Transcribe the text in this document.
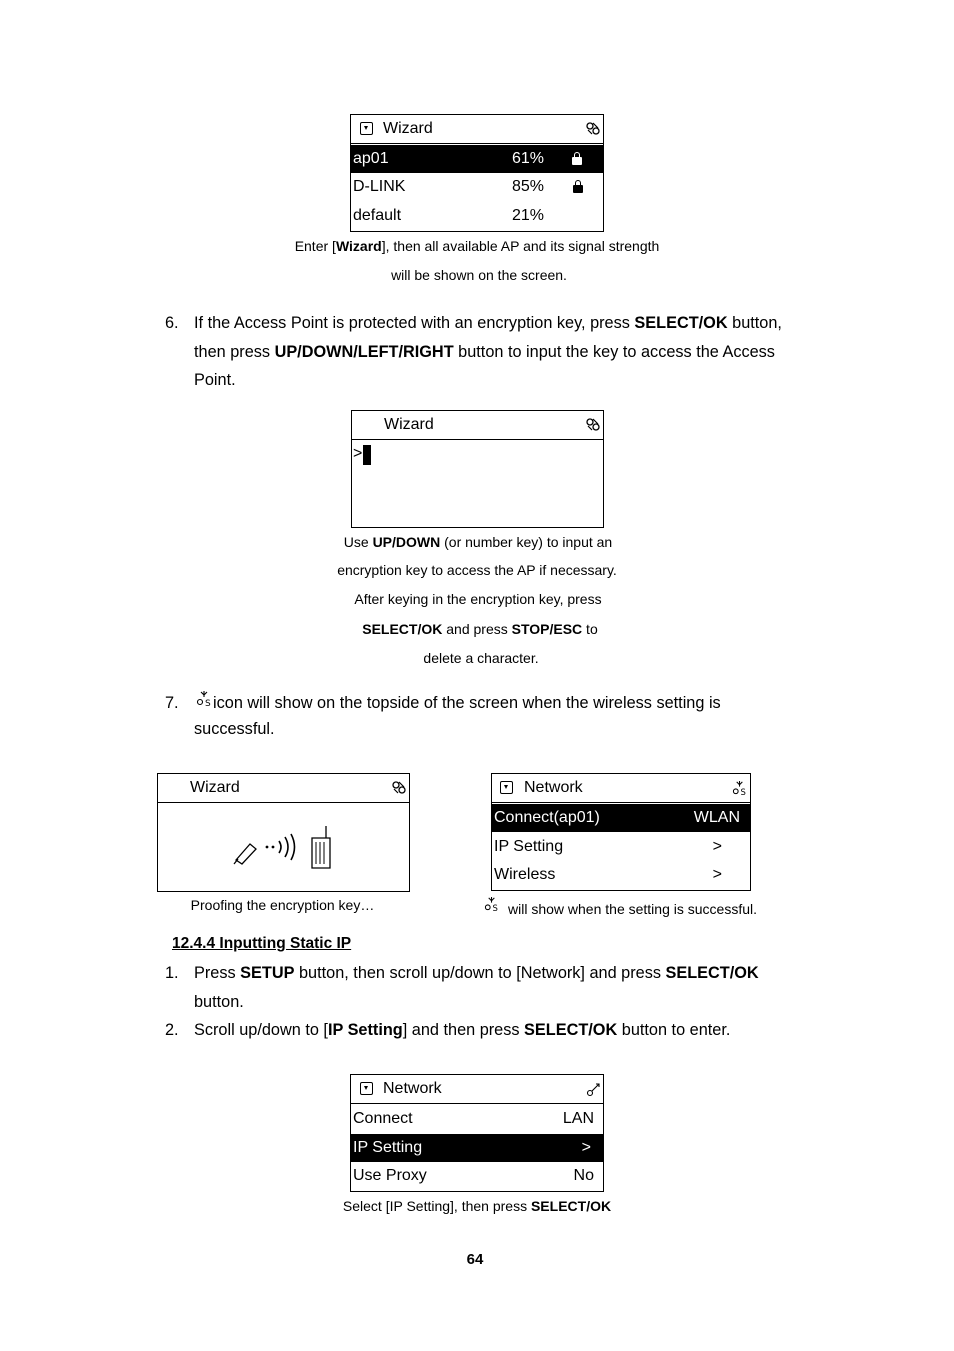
Wizard
ap01	61%
D-LINK	85%
default	21%
Enter [Wizard], then all available AP and its signal strength
will be shown on the screen.
6. If the Access Point is protected with an encryption key, press SELECT/OK button,
then press UP/DOWN/LEFT/RIGHT button to input the key to access the Access
Point.
Wizard
>
Use UP/DOWN (or number key) to input an
encryption key to access the AP if necessary.
After keying in the encryption key, press
SELECT/OK and press STOP/ESC to
delete a character.
7.	S icon will show on the topside of the screen when the wireless setting is
successful.
Wizard
Proofing the encryption key…
Network	S
Connect(ap01)	WLAN
IP Setting	>
Wireless	>
S will show when the setting is successful.
12.4.4 Inputting Static IP
1. Press SETUP button, then scroll up/down to [Network] and press SELECT/OK
button.
2. Scroll up/down to [IP Setting] and then press SELECT/OK button to enter.
Network
Connect	LAN
IP Setting	>
Use Proxy	No
Select [IP Setting], then press SELECT/OK
64
